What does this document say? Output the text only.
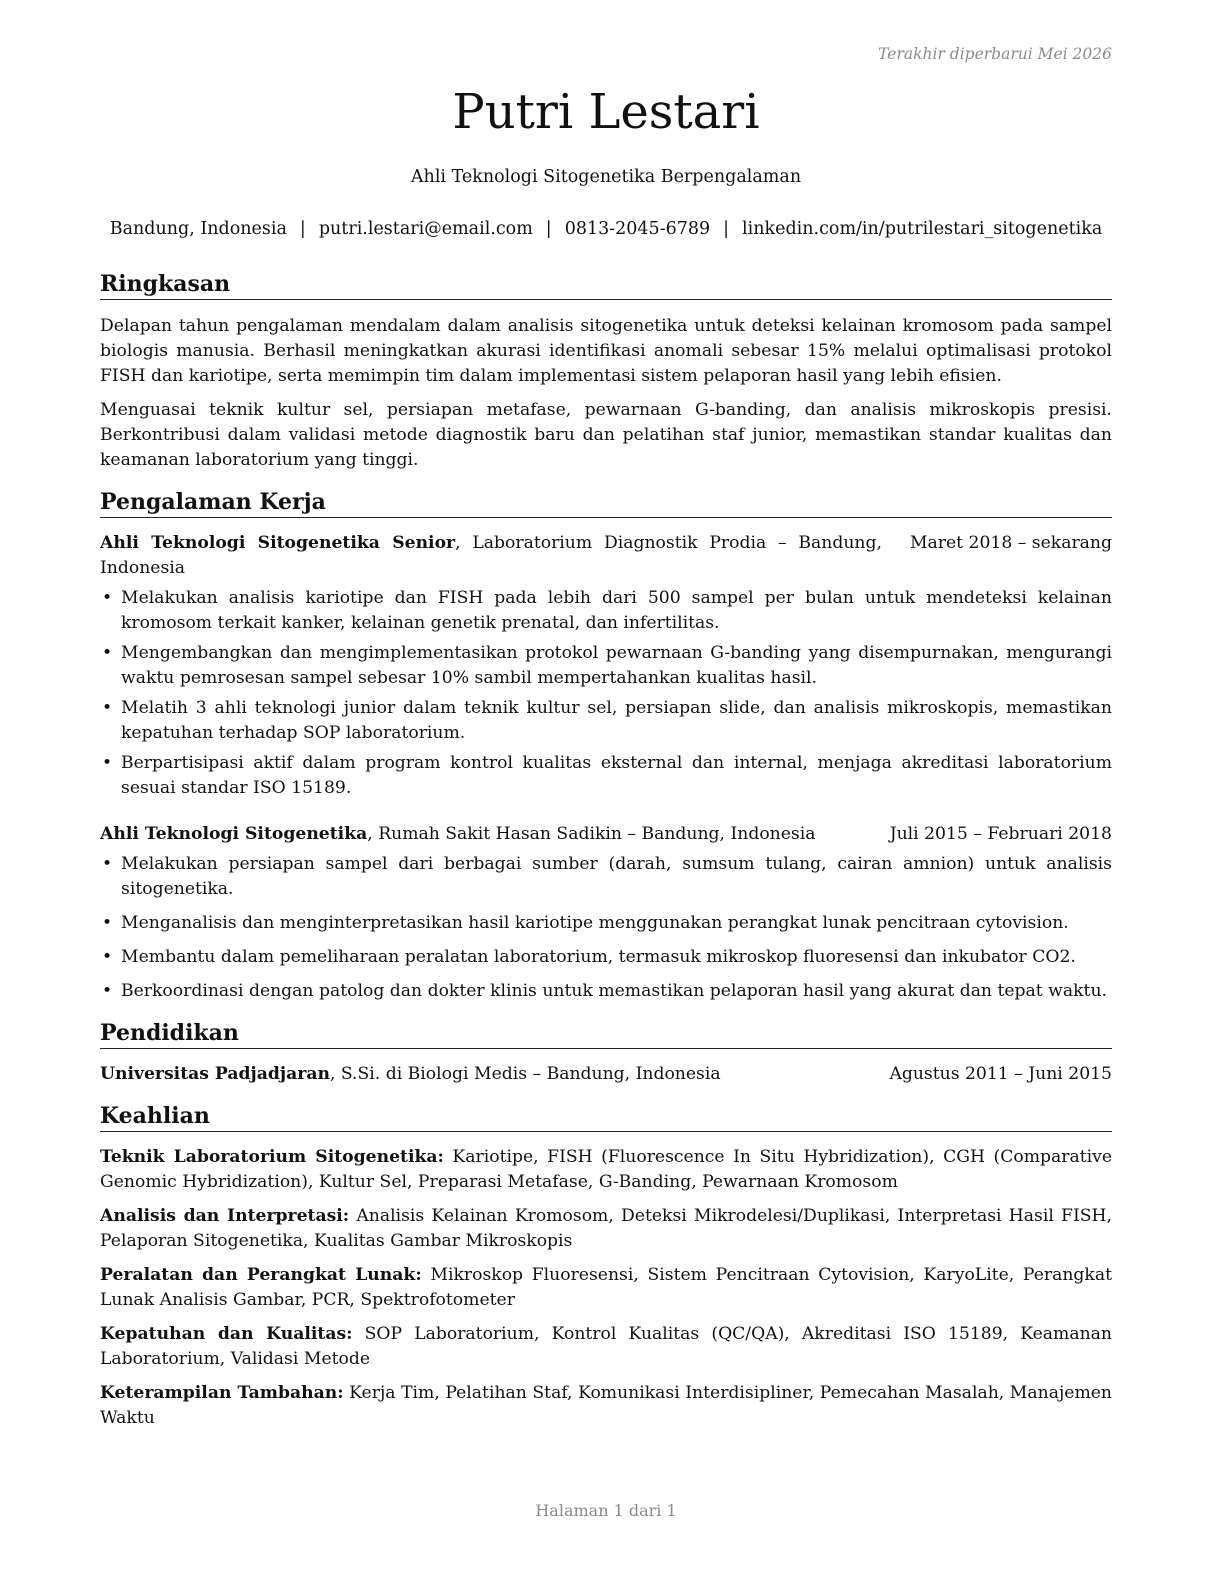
Terakhir diperbarui Mei 2026
Putri Lestari
Ahli Teknologi Sitogenetika Berpengalaman
Bandung, Indonesia | putri.lestari@email.com | 0813-2045-6789 | linkedin.com/in/putrilestari_sitogenetika
Ringkasan

Delapan tahun pengalaman mendalam dalam analisis sitogenetika untuk deteksi kelainan kromosom pada sampel biologis manusia. Berhasil meningkatkan akurasi identifikasi anomali sebesar 15% melalui optimalisasi protokol FISH dan kariotipe, serta memimpin tim dalam implementasi sistem pelaporan hasil yang lebih efisien.

Menguasai teknik kultur sel, persiapan metafase, pewarnaan G-banding, dan analisis mikroskopis presisi. Berkontribusi dalam validasi metode diagnostik baru dan pelatihan staf junior, memastikan standar kualitas dan keamanan laboratorium yang tinggi.

Pengalaman Kerja
Ahli Teknologi Sitogenetika Senior, Laboratorium Diagnostik Prodia – Bandung, Indonesia
Maret 2018 – sekarang
• Melakukan analisis kariotipe dan FISH pada lebih dari 500 sampel per bulan untuk mendeteksi kelainan kromosom terkait kanker, kelainan genetik prenatal, dan infertilitas.
• Mengembangkan dan mengimplementasikan protokol pewarnaan G-banding yang disempurnakan, mengurangi waktu pemrosesan sampel sebesar 10% sambil mempertahankan kualitas hasil.
• Melatih 3 ahli teknologi junior dalam teknik kultur sel, persiapan slide, dan analisis mikroskopis, memastikan kepatuhan terhadap SOP laboratorium.
• Berpartisipasi aktif dalam program kontrol kualitas eksternal dan internal, menjaga akreditasi laboratorium sesuai standar ISO 15189.
Ahli Teknologi Sitogenetika, Rumah Sakit Hasan Sadikin – Bandung, Indonesia	Juli 2015 – Februari 2018
• Melakukan persiapan sampel dari berbagai sumber (darah, sumsum tulang, cairan amnion) untuk analisis sitogenetika.
• Menganalisis dan menginterpretasikan hasil kariotipe menggunakan perangkat lunak pencitraan cytovision.
• Membantu dalam pemeliharaan peralatan laboratorium, termasuk mikroskop fluoresensi dan inkubator CO2.
• Berkoordinasi dengan patolog dan dokter klinis untuk memastikan pelaporan hasil yang akurat dan tepat waktu.
Pendidikan
Universitas Padjadjaran, S.Si. di Biologi Medis – Bandung, Indonesia	Agustus 2011 – Juni 2015
Keahlian

Teknik Laboratorium Sitogenetika: Kariotipe, FISH (Fluorescence In Situ Hybridization), CGH (Comparative Genomic Hybridization), Kultur Sel, Preparasi Metafase, G-Banding, Pewarnaan Kromosom

Analisis dan Interpretasi: Analisis Kelainan Kromosom, Deteksi Mikrodelesi/Duplikasi, Interpretasi Hasil FISH, Pelaporan Sitogenetika, Kualitas Gambar Mikroskopis

Peralatan dan Perangkat Lunak: Mikroskop Fluoresensi, Sistem Pencitraan Cytovision, KaryoLite, Perangkat Lunak Analisis Gambar, PCR, Spektrofotometer

Kepatuhan dan Kualitas: SOP Laboratorium, Kontrol Kualitas (QC/QA), Akreditasi ISO 15189, Keamanan Laboratorium, Validasi Metode

Keterampilan Tambahan: Kerja Tim, Pelatihan Staf, Komunikasi Interdisipliner, Pemecahan Masalah, Manajemen Waktu

Halaman 1 dari 1
